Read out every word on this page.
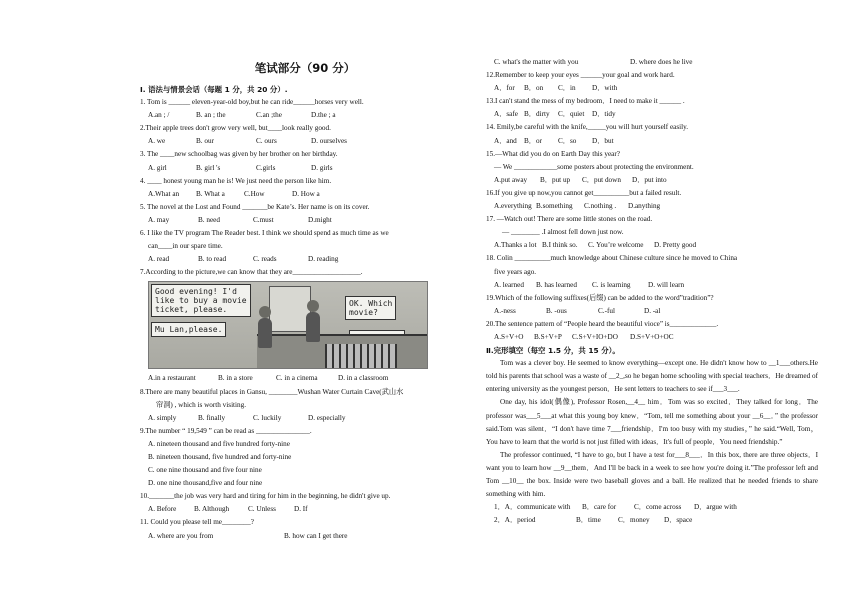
笔试部分（90 分）
Ⅰ. 语法与情景会话（每题 1 分，共 20 分）.
1. Tom is ______ eleven-year-old boy,but he can ride______horses very well.
A.an ; /	B. an ; the	C.an ;the	D.the ; a
2.Their apple trees don't grow very well, but____look really good.
A. we	B. our	C. ours	D. ourselves
3. The ____new schoolbag was given by her brother on her birthday.
A. girl	B. girl 's	C.girls	D. girls
4. ____ honest young man he is! We just need the person like him.
A.What an	B. What a	C.How	D. How a
5. The novel at the Lost and Found _______be Kate’s. Her name is on its cover.
A. may	B. need	C.must	D.might
6. I like the TV program The Reader best. I think we should spend as much time as we
can____in our spare time.
A. read	B. to read	C. reads	D. reading
7.According to the picture,we can know that they are___________________.
Good evening! I'd
like to buy a movie
ticket, please.
OK. Which
movie?
Mu Lan,please.
A.in a restaurant	B. in a store	C. in a cinema	D. in a classroom
8.There are many beautiful places in Gansu, ________Wushan Water Curtain Cave(武山水
帘洞) , which is worth visiting.
A. simply	B. finally	C. luckily	D. especially
9.The number “ 19,549 ” can be read as _______________.
A. nineteen thousand and five hundred forty-nine
B. nineteen thousand, five hundred and forty-nine
C. one nine thousand and five four nine
D. one nine thousand,five and four nine
10._______the job was very hard and tiring for him in the beginning, he didn't give up.
A. Before	B. Although	C. Unless	D. If
11. Could you please tell me________?
A. where are you from	B. how can I get there
C. what's the matter with you	D. where does he live
12.Remember to keep your eyes ______your goal and work hard.
A．for	B．on	C．in	D．with
13.I can't stand the mess of my bedroom．I need to make it ______ .
A．safe B．dirty	C．quiet	D．tidy
14. Emily,be careful with the knife,_____you will hurt yourself easily.
A．and	B．or	C．so	D．but
15.—What did you do on Earth Day this year?
— We ____________some posters about protecting the environment.
A.put away	B．put up	C．put down	D．put into
16.If you give up now,you cannot get__________but a failed result.
A.everything B.something	C.nothing .	D.anything
17. —Watch out! There are some little stones on the road.
— ________ .I almost fell down just now.
A.Thanks a lot B.I think so.	C. You’re welcome	D. Pretty good
18. Colin __________much knowledge about Chinese culture since he moved to China
five years ago.
A. learned	B. has learned	C. is learning	D. will learn
19.Which of the following suffixes(后缀) can be added to the word”tradition”?
A.-ness	B. -ous	C.-ful	D. -al
20.The sentence pattern of “People heard the beautiful vioce” is_____________.
A.S+V+O	B.S+V+P	C.S+V+IO+DO	D.S+V+O+OC
Ⅱ.完形填空（每空 1.5 分，共 15 分）。

Tom was a clever boy. He seemed to know everything—except one. He didn't know how to __1___others.He told his parents that school was a waste of __2_,so he began home schooling with special teachers．He dreamed of entering university as the youngest person．He sent letters to teachers to see if___3___.

One day, his idol(偶像), Professor Rosen,__4__ him．Tom was so excited．They talked for long．The professor was___5___at what this young boy knew．“Tom, tell me something about your __6__．” the professor said.Tom was silent．“I don't have time 7___friendship．I'm too busy with my studies，” he said.“Well, Tom，You have to learn that the world is not just filled with ideas．It's full of people．You need friendship.”

The professor continued, “I have to go, but I have a test for___8___．In this box, there are three objects．I want you to learn how __9__them．And I'll be back in a week to see how you're doing it.”The professor left and Tom __10__ the box. Inside were two baseball gloves and a ball. He realized that he needed friends to share something with him.

1．A．communicate with	B．care for	C．come across	D．argue with
2．A．period	B．time	C．money	D．space
